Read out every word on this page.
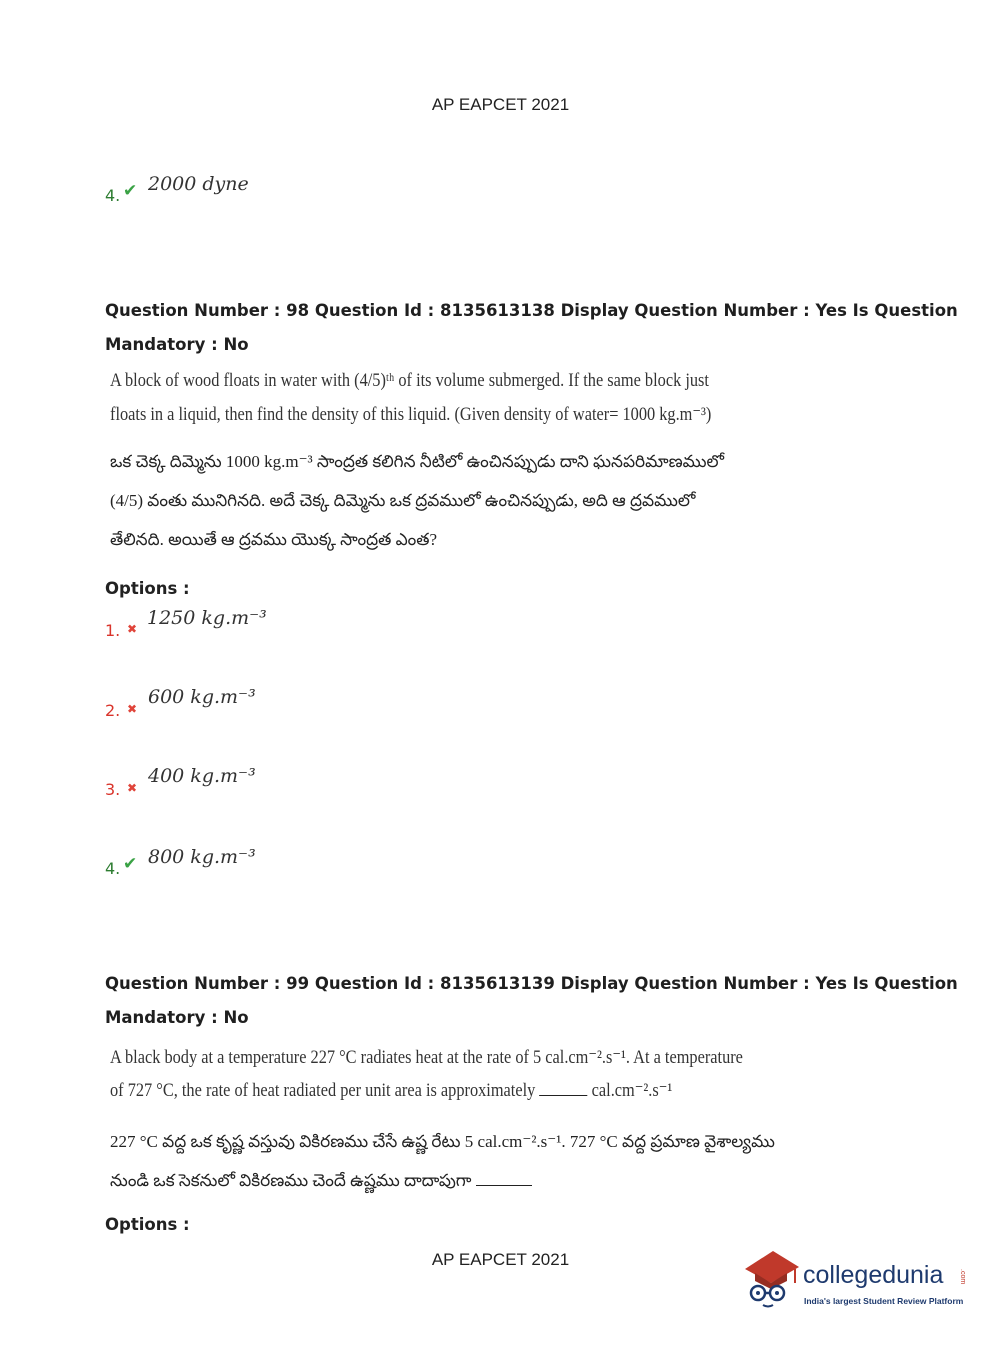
AP EAPCET 2021
4. ✔ 2000 dyne
Question Number : 98 Question Id : 8135613138 Display Question Number : Yes Is Question
Mandatory : No
A block of wood floats in water with (4/5)ᵗʰ of its volume submerged. If the same block just
floats in a liquid, then find the density of this liquid. (Given density of water= 1000 kg.m⁻³)
ఒక చెక్క దిమ్మెను 1000 kg.m⁻³ సాంద్రత కలిగిన నీటిలో ఉంచినప్పుడు దాని ఘనపరిమాణములో
(4/5) వంతు మునిగినది. అదే చెక్క దిమ్మెను ఒక ద్రవములో ఉంచినప్పుడు, అది ఆ ద్రవములో
తేలినది. అయితే ఆ ద్రవము యొక్క సాంద్రత ఎంత?
Options :
1. ✖ 1250 kg.m⁻³
2. ✖
600 kg.m⁻³
3. ✖
400 kg.m⁻³
4. ✔ 800 kg.m⁻³
Question Number : 99 Question Id : 8135613139 Display Question Number : Yes Is Question
Mandatory : No
A black body at a temperature 227 °C radiates heat at the rate of 5 cal.cm⁻².s⁻¹. At a temperature
of 727 °C, the rate of heat radiated per unit area is approximately	cal.cm⁻².s⁻¹
227 °C వద్ద ఒక కృష్ణ వస్తువు వికిరణము చేసే ఉష్ణ రేటు 5 cal.cm⁻².s⁻¹. 727 °C వద్ద ప్రమాణ వైశాల్యము
నుండి ఒక సెకనులో వికిరణము చెందే ఉష్ణము దాదాపుగా
Options :
AP EAPCET 2021
collegedunia .com
India's largest Student Review Platform
